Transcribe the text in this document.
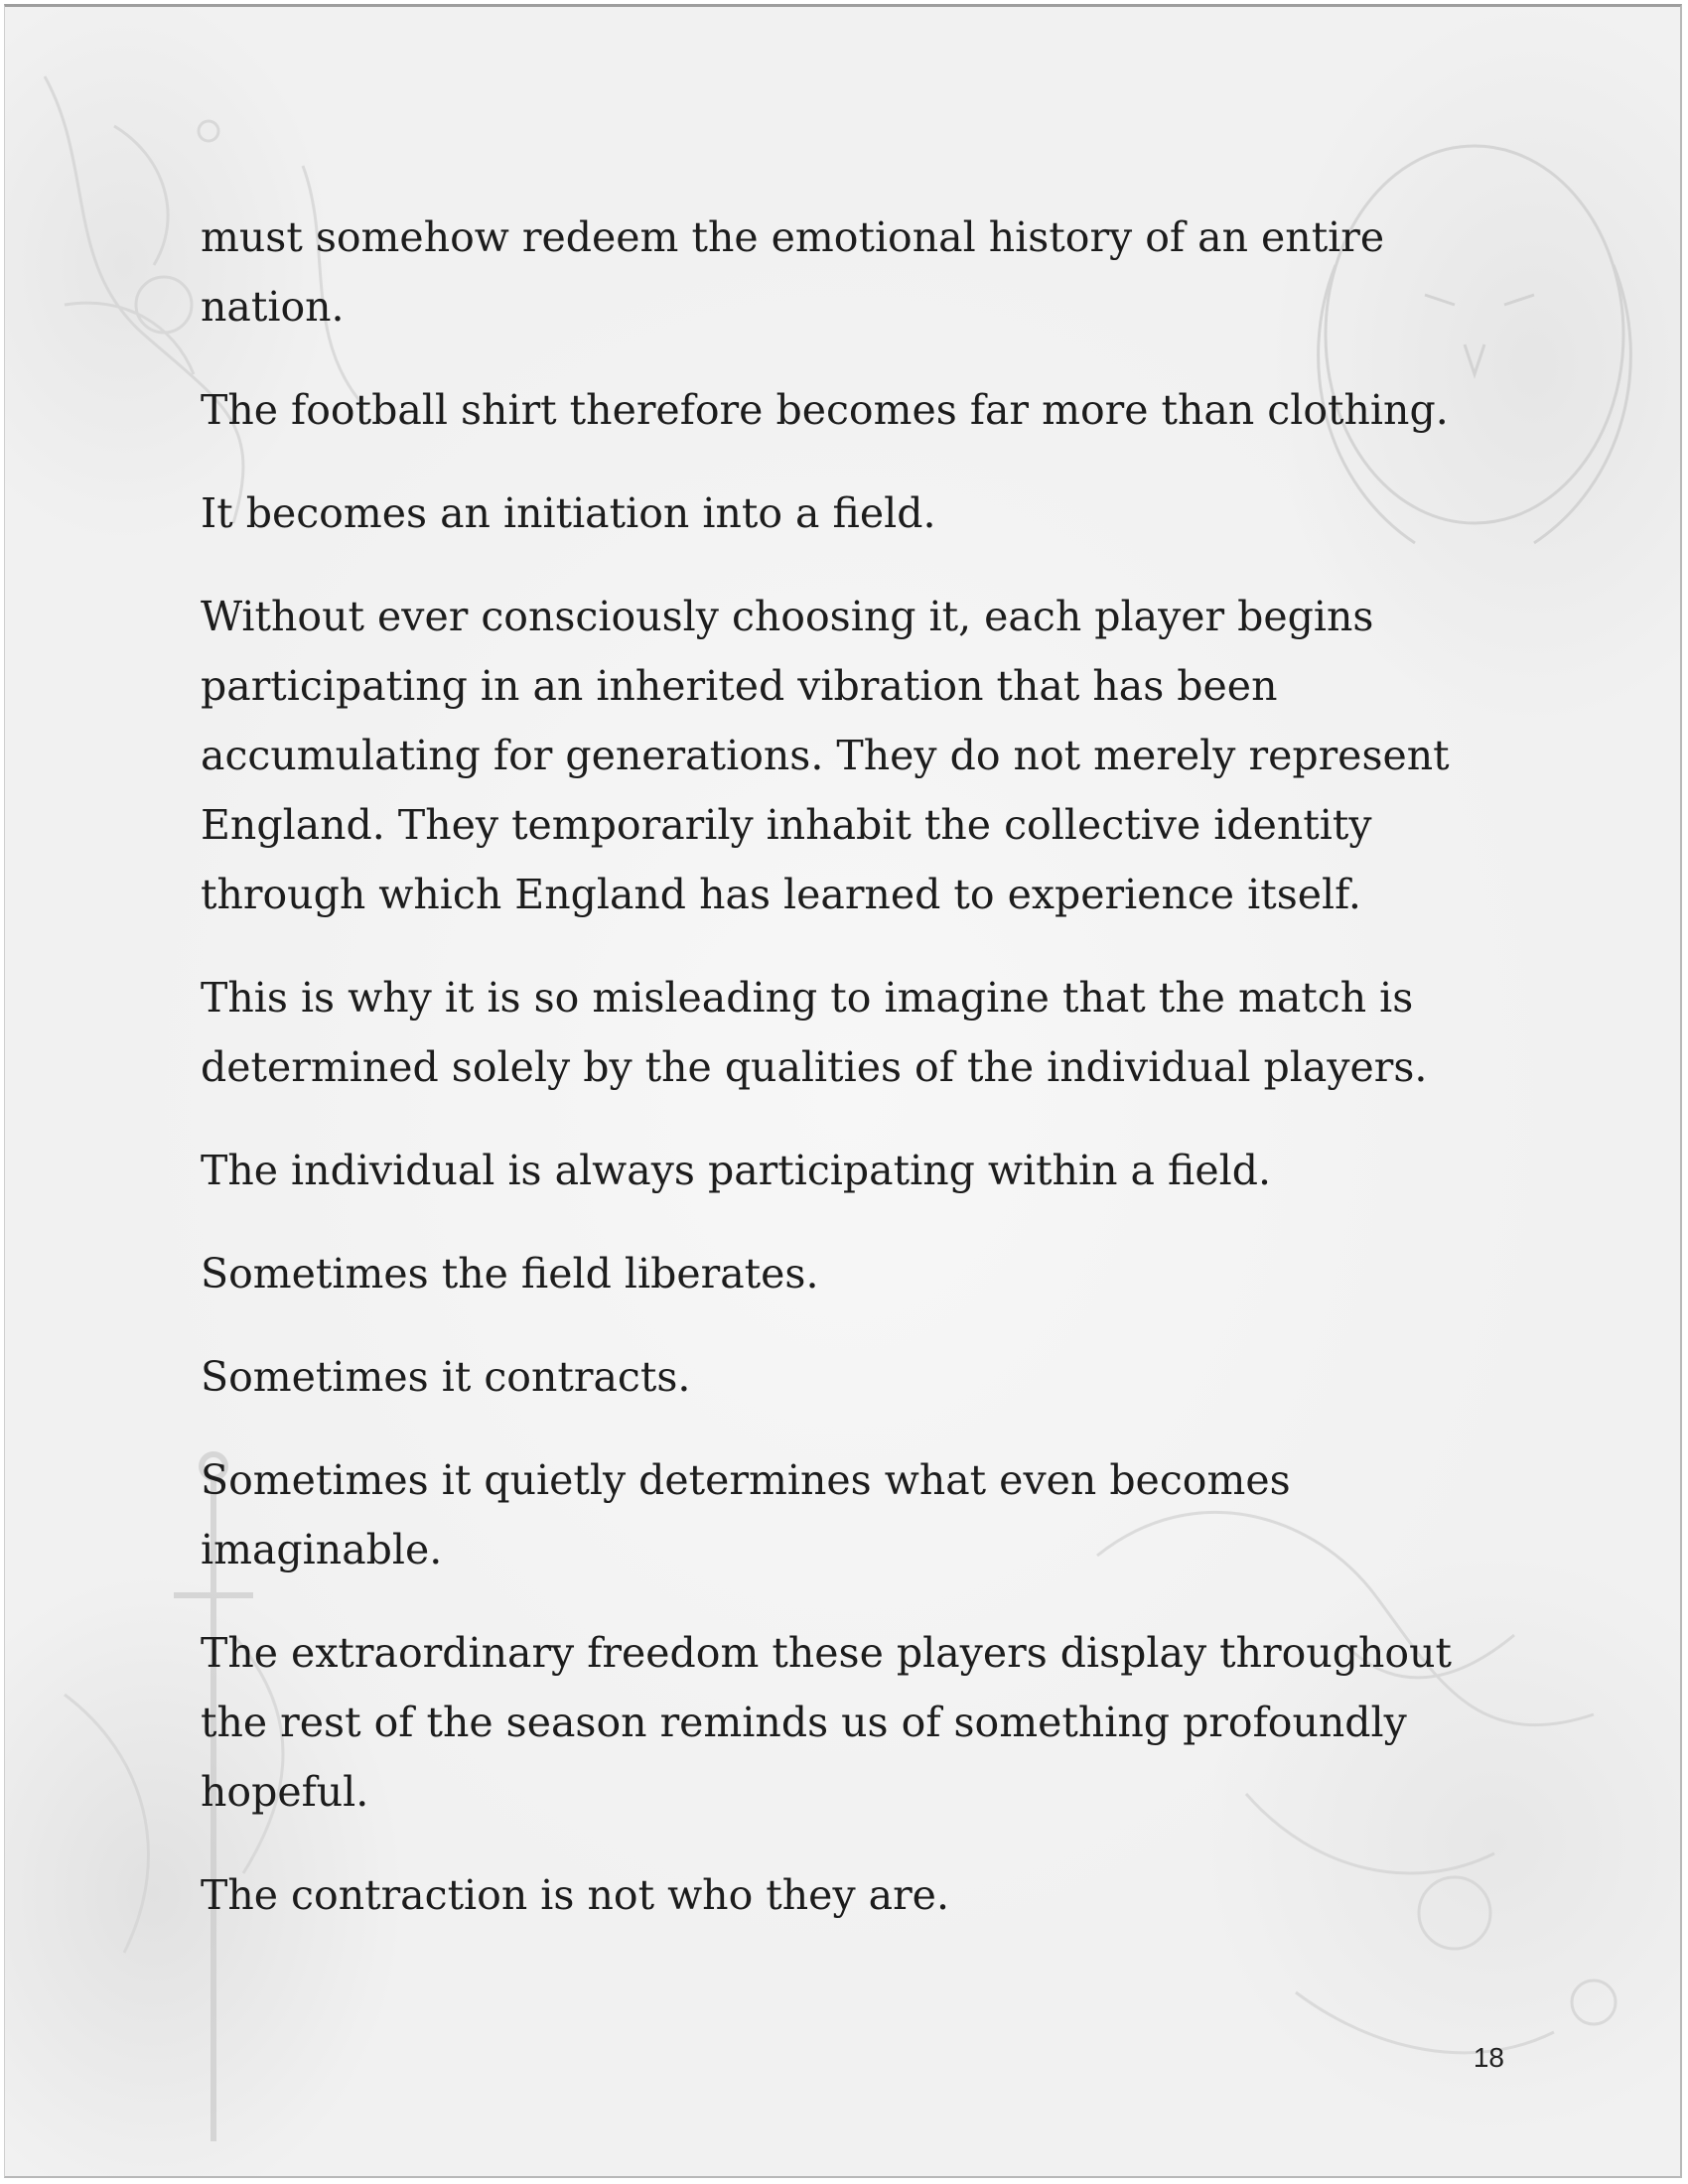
must somehow redeem the emotional history of an entire nation.

The football shirt therefore becomes far more than clothing.

It becomes an initiation into a field.

Without ever consciously choosing it, each player begins participating in an inherited vibration that has been accumulating for generations. They do not merely represent England. They temporarily inhabit the collective identity through which England has learned to experience itself.

This is why it is so misleading to imagine that the match is determined solely by the qualities of the individual players.

The individual is always participating within a field.

Sometimes the field liberates.

Sometimes it contracts.

Sometimes it quietly determines what even becomes imaginable.

The extraordinary freedom these players display throughout the rest of the season reminds us of something profoundly hopeful.

The contraction is not who they are.

18
